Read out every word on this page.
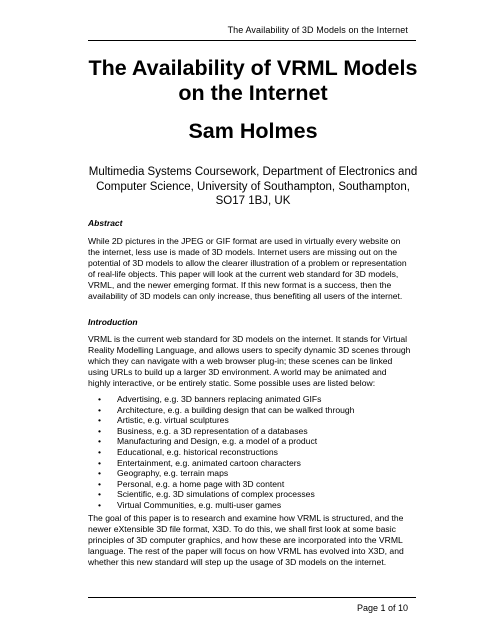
The Availability of 3D Models on the Internet
The Availability of VRML Models
on the Internet
Sam Holmes

Multimedia Systems Coursework, Department of Electronics and
Computer Science, University of Southampton, Southampton,
SO17 1BJ, UK

Abstract

While 2D pictures in the JPEG or GIF format are used in virtually every website on
the internet, less use is made of 3D models. Internet users are missing out on the
potential of 3D models to allow the clearer illustration of a problem or representation
of real-life objects. This paper will look at the current web standard for 3D models,
VRML, and the newer emerging format. If this new format is a success, then the
availability of 3D models can only increase, thus benefiting all users of the internet.

Introduction

VRML is the current web standard for 3D models on the internet. It stands for Virtual
Reality Modelling Language, and allows users to specify dynamic 3D scenes through
which they can navigate with a web browser plug-in; these scenes can be linked
using URLs to build up a larger 3D environment. A world may be animated and
highly interactive, or be entirely static. Some possible uses are listed below:

• Advertising, e.g. 3D banners replacing animated GIFs
• Architecture, e.g. a building design that can be walked through
• Artistic, e.g. virtual sculptures
• Business, e.g. a 3D representation of a databases
• Manufacturing and Design, e.g. a model of a product
• Educational, e.g. historical reconstructions
• Entertainment, e.g. animated cartoon characters
• Geography, e.g. terrain maps
• Personal, e.g. a home page with 3D content
• Scientific, e.g. 3D simulations of complex processes
• Virtual Communities, e.g. multi-user games

The goal of this paper is to research and examine how VRML is structured, and the
newer eXtensible 3D file format, X3D. To do this, we shall first look at some basic
principles of 3D computer graphics, and how these are incorporated into the VRML
language. The rest of the paper will focus on how VRML has evolved into X3D, and
whether this new standard will step up the usage of 3D models on the internet.

Page 1 of 10
